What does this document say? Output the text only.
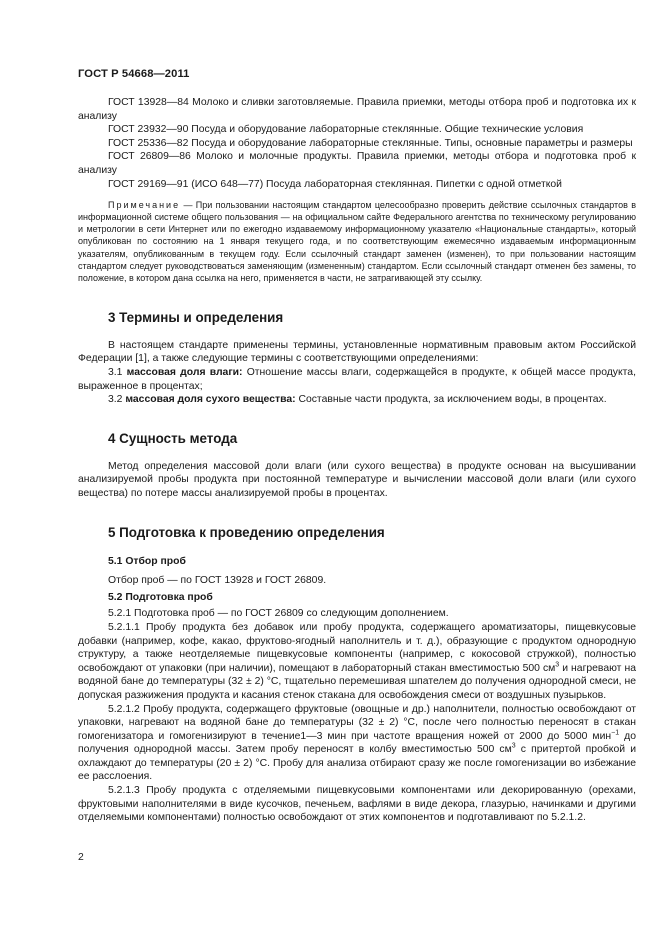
ГОСТ Р 54668—2011

ГОСТ 13928—84 Молоко и сливки заготовляемые. Правила приемки, методы отбора проб и подготовка их к анализу

ГОСТ 23932—90 Посуда и оборудование лабораторные стеклянные. Общие технические условия

ГОСТ 25336—82 Посуда и оборудование лабораторные стеклянные. Типы, основные параметры и размеры

ГОСТ 26809—86 Молоко и молочные продукты. Правила приемки, методы отбора и подготовка проб к анализу

ГОСТ 29169—91 (ИСО 648—77) Посуда лабораторная стеклянная. Пипетки с одной отметкой

Примечание — При пользовании настоящим стандартом целесообразно проверить действие ссылочных стандартов в информационной системе общего пользования — на официальном сайте Федерального агентства по техническому регулированию и метрологии в сети Интернет или по ежегодно издаваемому информационному указателю «Национальные стандарты», который опубликован по состоянию на 1 января текущего года, и по соответствующим ежемесячно издаваемым информационным указателям, опубликованным в текущем году. Если ссылочный стандарт заменен (изменен), то при пользовании настоящим стандартом следует руководствоваться заменяющим (измененным) стандартом. Если ссылочный стандарт отменен без замены, то положение, в котором дана ссылка на него, применяется в части, не затрагивающей эту ссылку.

3 Термины и определения

В настоящем стандарте применены термины, установленные нормативным правовым актом Российской Федерации [1], а также следующие термины с соответствующими определениями:

3.1 массовая доля влаги: Отношение массы влаги, содержащейся в продукте, к общей массе продукта, выраженное в процентах;

3.2 массовая доля сухого вещества: Составные части продукта, за исключением воды, в процентах.

4 Сущность метода

Метод определения массовой доли влаги (или сухого вещества) в продукте основан на высушивании анализируемой пробы продукта при постоянной температуре и вычислении массовой доли влаги (или сухого вещества) по потере массы анализируемой пробы в процентах.

5 Подготовка к проведению определения
5.1 Отбор проб

Отбор проб — по ГОСТ 13928 и ГОСТ 26809.

5.2 Подготовка проб

5.2.1 Подготовка проб — по ГОСТ 26809 со следующим дополнением.

5.2.1.1 Пробу продукта без добавок или пробу продукта, содержащего ароматизаторы, пищевкусовые добавки (например, кофе, какао, фруктово-ягодный наполнитель и т. д.), образующие с продуктом однородную структуру, а также неотделяемые пищевкусовые компоненты (например, с кокосовой стружкой), полностью освобождают от упаковки (при наличии), помещают в лабораторный стакан вместимостью 500 $см^3$ и нагревают на водяной бане до температуры (32 ± 2) °С, тщательно перемешивая шпателем до получения однородной смеси, не допуская разжижения продукта и касания стенок стакана для освобождения смеси от воздушных пузырьков.

5.2.1.2 Пробу продукта, содержащего фруктовые (овощные и др.) наполнители, полностью освобождают от упаковки, нагревают на водяной бане до температуры (32 ± 2) °С, после чего полностью переносят в стакан гомогенизатора и гомогенизируют в течение1—3 мин при частоте вращения ножей от 2000 до 5000 мин$^{-1}$ до получения однородной массы. Затем пробу переносят в колбу вместимостью 500 $см^3$ с притертой пробкой и охлаждают до температуры (20 ± 2) °С. Пробу для анализа отбирают сразу же после гомогенизации во избежание ее расслоения.

5.2.1.3 Пробу продукта с отделяемыми пищевкусовыми компонентами или декорированную (орехами, фруктовыми наполнителями в виде кусочков, печеньем, вафлями в виде декора, глазурью, начинками и другими отделяемыми компонентами) полностью освобождают от этих компонентов и подготавливают по 5.2.1.2.

2
